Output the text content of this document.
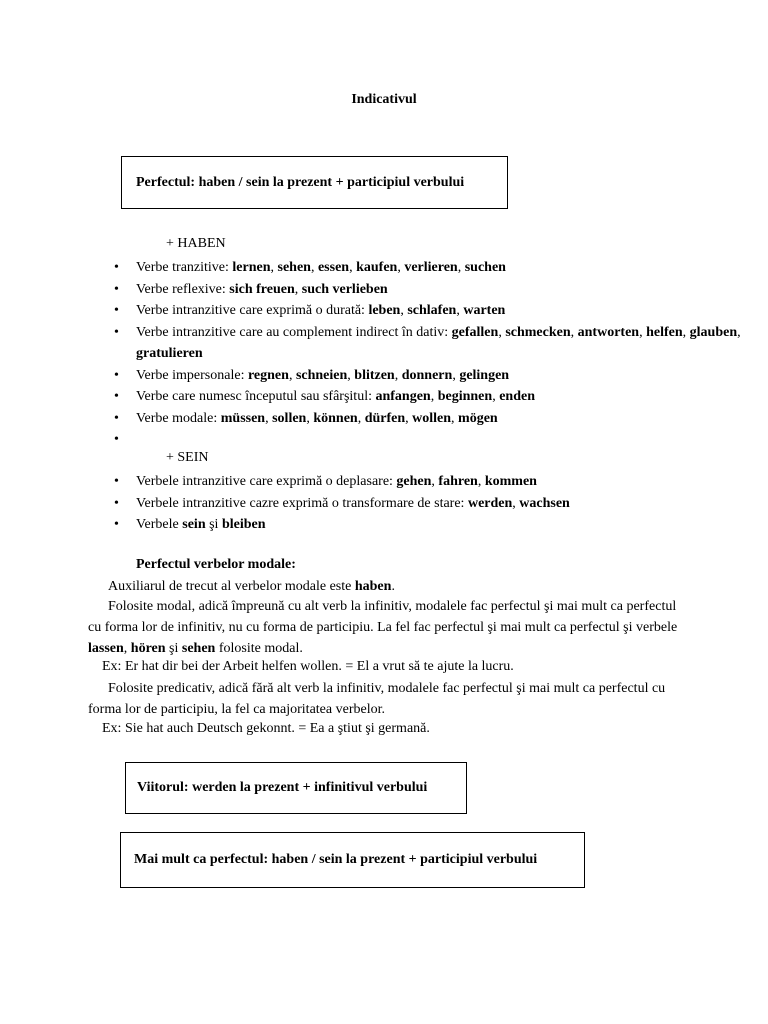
Indicativul
Perfectul: haben / sein la prezent + participiul verbului
+ HABEN
• Verbe tranzitive: lernen, sehen, essen, kaufen, verlieren, suchen
• Verbe reflexive: sich freuen, such verlieben
• Verbe intranzitive care exprimă o durată: leben, schlafen, warten
• Verbe intranzitive care au complement indirect în dativ: gefallen, schmecken, antworten, helfen, glauben, gratulieren
• Verbe impersonale: regnen, schneien, blitzen, donnern, gelingen
• Verbe care numesc începutul sau sfârşitul: anfangen, beginnen, enden
• Verbe modale: müssen, sollen, können, dürfen, wollen, mögen
•

+ SEIN
• Verbele intranzitive care exprimă o deplasare: gehen, fahren, kommen
• Verbele intranzitive cazre exprimă o transformare de stare: werden, wachsen
• Verbele sein şi bleiben
Perfectul verbelor modale:
Auxiliarul de trecut al verbelor modale este haben.
Folosite modal, adică împreună cu alt verb la infinitiv, modalele fac perfectul şi mai mult ca perfectul cu forma lor de infinitiv, nu cu forma de participiu. La fel fac perfectul şi mai mult ca perfectul şi verbele lassen, hören şi sehen folosite modal.
Ex: Er hat dir bei der Arbeit helfen wollen. = El a vrut să te ajute la lucru.
Folosite predicativ, adică fără alt verb la infinitiv, modalele fac perfectul şi mai mult ca perfectul cu forma lor de participiu, la fel ca majoritatea verbelor.
Ex: Sie hat auch Deutsch gekonnt. = Ea a ştiut şi germană.
Viitorul: werden la prezent + infinitivul verbului
Mai mult ca perfectul: haben / sein la prezent + participiul verbului
